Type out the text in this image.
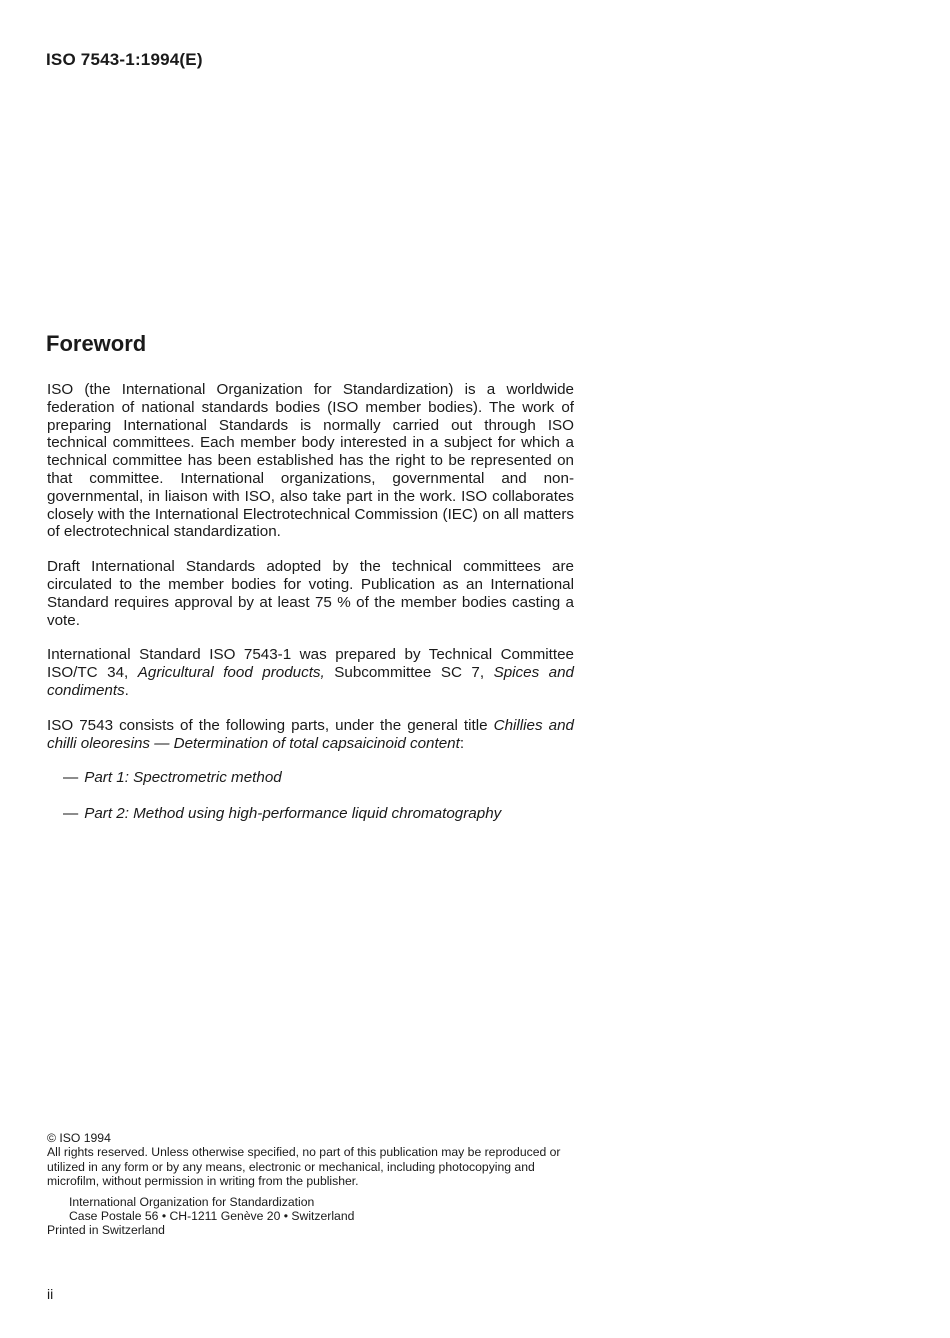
ISO 7543-1:1994(E)
Foreword

ISO (the International Organization for Standardization) is a worldwide federation of national standards bodies (ISO member bodies). The work of preparing International Standards is normally carried out through ISO technical committees. Each member body interested in a subject for which a technical committee has been established has the right to be represented on that committee. International organizations, governmental and non-governmental, in liaison with ISO, also take part in the work. ISO collaborates closely with the International Electrotechnical Commission (IEC) on all matters of electrotechnical standardization.

Draft International Standards adopted by the technical committees are circulated to the member bodies for voting. Publication as an International Standard requires approval by at least 75 % of the member bodies casting a vote.

International Standard ISO 7543-1 was prepared by Technical Committee ISO/TC 34, Agricultural food products, Subcommittee SC 7, Spices and condiments.

ISO 7543 consists of the following parts, under the general title Chillies and chilli oleoresins — Determination of total capsaicinoid content:

— Part 1: Spectrometric method
— Part 2: Method using high-performance liquid chromatography

© ISO 1994

All rights reserved. Unless otherwise specified, no part of this publication may be reproduced or utilized in any form or by any means, electronic or mechanical, including photocopying and microfilm, without permission in writing from the publisher.

International Organization for Standardization

Case Postale 56 • CH-1211 Genève 20 • Switzerland

Printed in Switzerland

ii
